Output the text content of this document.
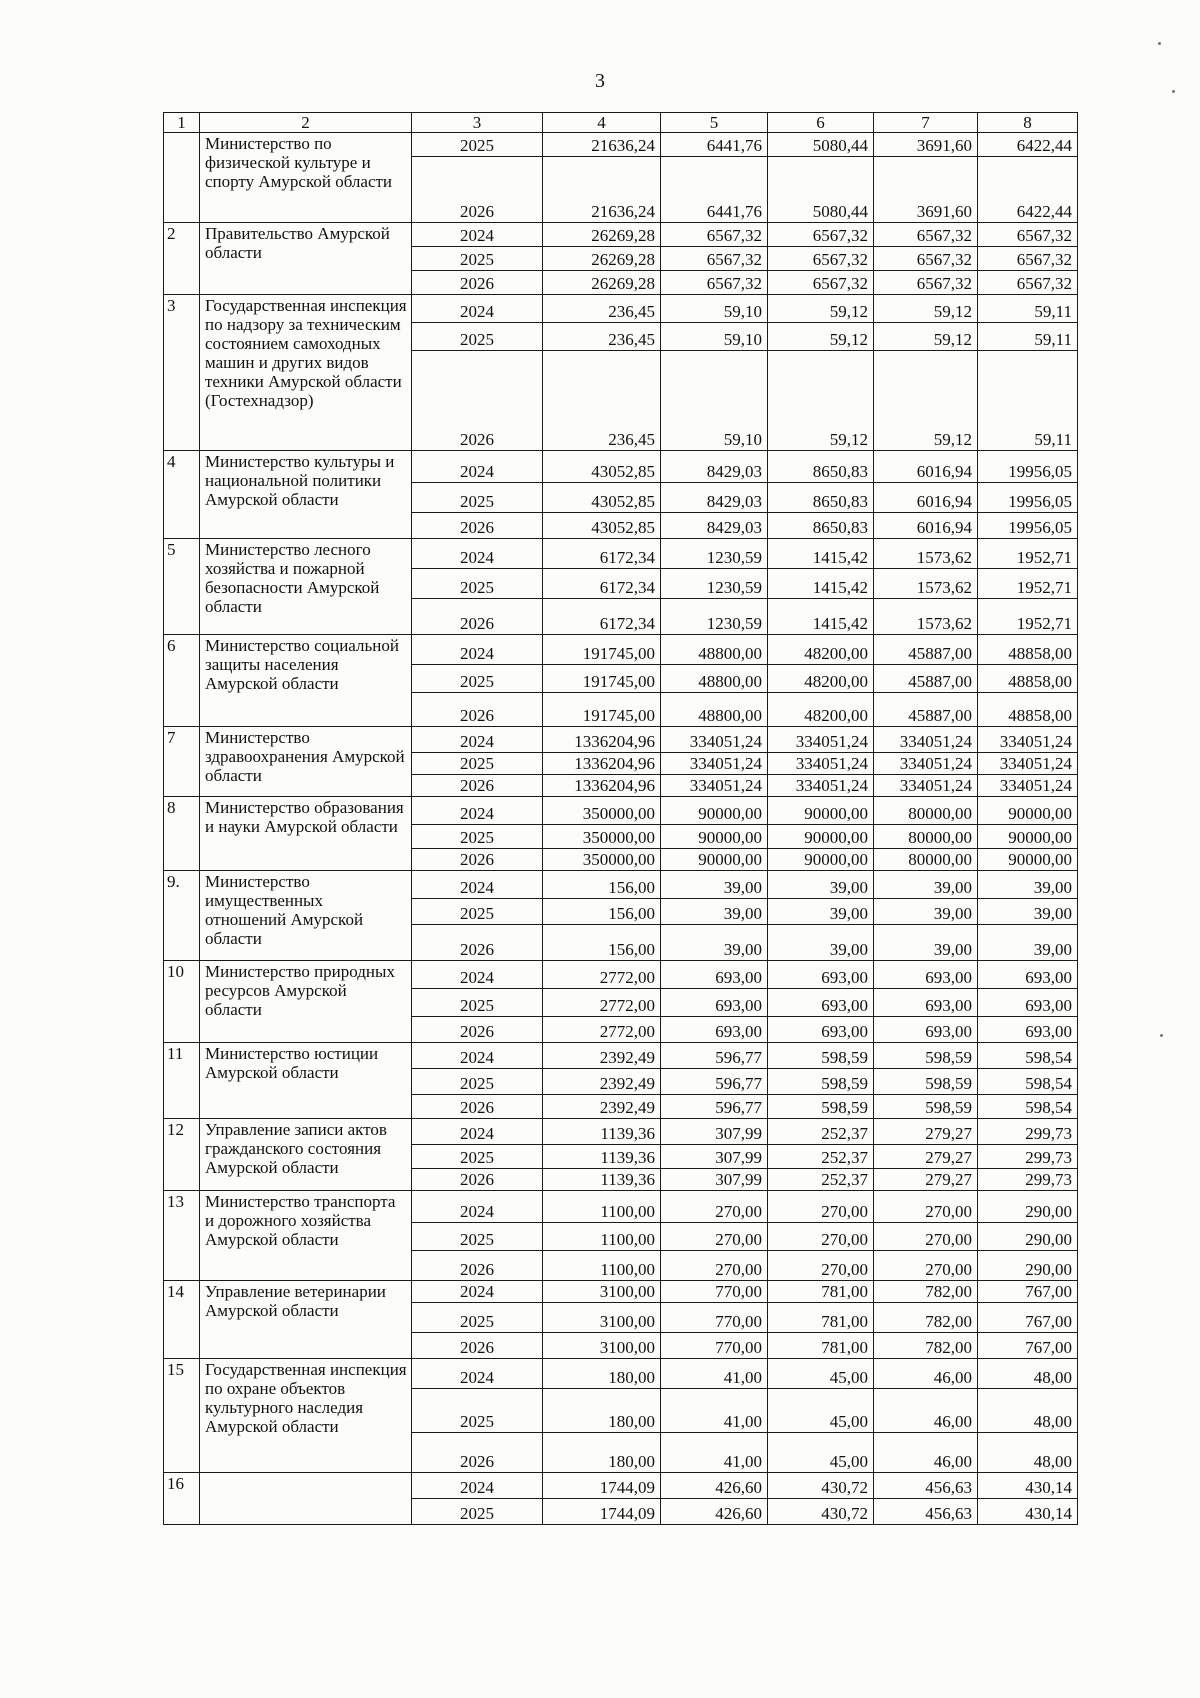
3
1	2	3	4	5	6	7	8
	Министерство по физической культуре и спорту Амурской области	2025	21636,24	6441,76	5080,44	3691,60	6422,44
		2026	21636,24	6441,76	5080,44	3691,60	6422,44
2	Правительство Амурской области	2024	26269,28	6567,32	6567,32	6567,32	6567,32
		2025	26269,28	6567,32	6567,32	6567,32	6567,32
		2026	26269,28	6567,32	6567,32	6567,32	6567,32
3	Государственная инспекция по надзору за техническим состоянием самоходных машин и других видов техники Амурской области (Гостехнадзор)	2024	236,45	59,10	59,12	59,12	59,11
		2025	236,45	59,10	59,12	59,12	59,11
		2026	236,45	59,10	59,12	59,12	59,11
4	Министерство культуры и национальной политики Амурской области	2024	43052,85	8429,03	8650,83	6016,94	19956,05
		2025	43052,85	8429,03	8650,83	6016,94	19956,05
		2026	43052,85	8429,03	8650,83	6016,94	19956,05
5	Министерство лесного хозяйства и пожарной безопасности Амурской области	2024	6172,34	1230,59	1415,42	1573,62	1952,71
		2025	6172,34	1230,59	1415,42	1573,62	1952,71
		2026	6172,34	1230,59	1415,42	1573,62	1952,71
6	Министерство социальной защиты населения Амурской области	2024	191745,00	48800,00	48200,00	45887,00	48858,00
		2025	191745,00	48800,00	48200,00	45887,00	48858,00
		2026	191745,00	48800,00	48200,00	45887,00	48858,00
7	Министерство здравоохранения Амурской области	2024	1336204,96	334051,24	334051,24	334051,24	334051,24
		2025	1336204,96	334051,24	334051,24	334051,24	334051,24
		2026	1336204,96	334051,24	334051,24	334051,24	334051,24
8	Министерство образования и науки Амурской области	2024	350000,00	90000,00	90000,00	80000,00	90000,00
		2025	350000,00	90000,00	90000,00	80000,00	90000,00
		2026	350000,00	90000,00	90000,00	80000,00	90000,00
9.	Министерство имущественных отношений Амурской области	2024	156,00	39,00	39,00	39,00	39,00
		2025	156,00	39,00	39,00	39,00	39,00
		2026	156,00	39,00	39,00	39,00	39,00
10	Министерство природных ресурсов Амурской области	2024	2772,00	693,00	693,00	693,00	693,00
		2025	2772,00	693,00	693,00	693,00	693,00
		2026	2772,00	693,00	693,00	693,00	693,00
11	Министерство юстиции Амурской области	2024	2392,49	596,77	598,59	598,59	598,54
		2025	2392,49	596,77	598,59	598,59	598,54
		2026	2392,49	596,77	598,59	598,59	598,54
12	Управление записи актов гражданского состояния Амурской области	2024	1139,36	307,99	252,37	279,27	299,73
		2025	1139,36	307,99	252,37	279,27	299,73
		2026	1139,36	307,99	252,37	279,27	299,73
13	Министерство транспорта и дорожного хозяйства Амурской области	2024	1100,00	270,00	270,00	270,00	290,00
		2025	1100,00	270,00	270,00	270,00	290,00
		2026	1100,00	270,00	270,00	270,00	290,00
14	Управление ветеринарии Амурской области	2024	3100,00	770,00	781,00	782,00	767,00
		2025	3100,00	770,00	781,00	782,00	767,00
		2026	3100,00	770,00	781,00	782,00	767,00
15	Государственная инспекция по охране объектов культурного наследия Амурской области	2024	180,00	41,00	45,00	46,00	48,00
		2025	180,00	41,00	45,00	46,00	48,00
		2026	180,00	41,00	45,00	46,00	48,00
16		2024	1744,09	426,60	430,72	456,63	430,14
		2025	1744,09	426,60	430,72	456,63	430,14
